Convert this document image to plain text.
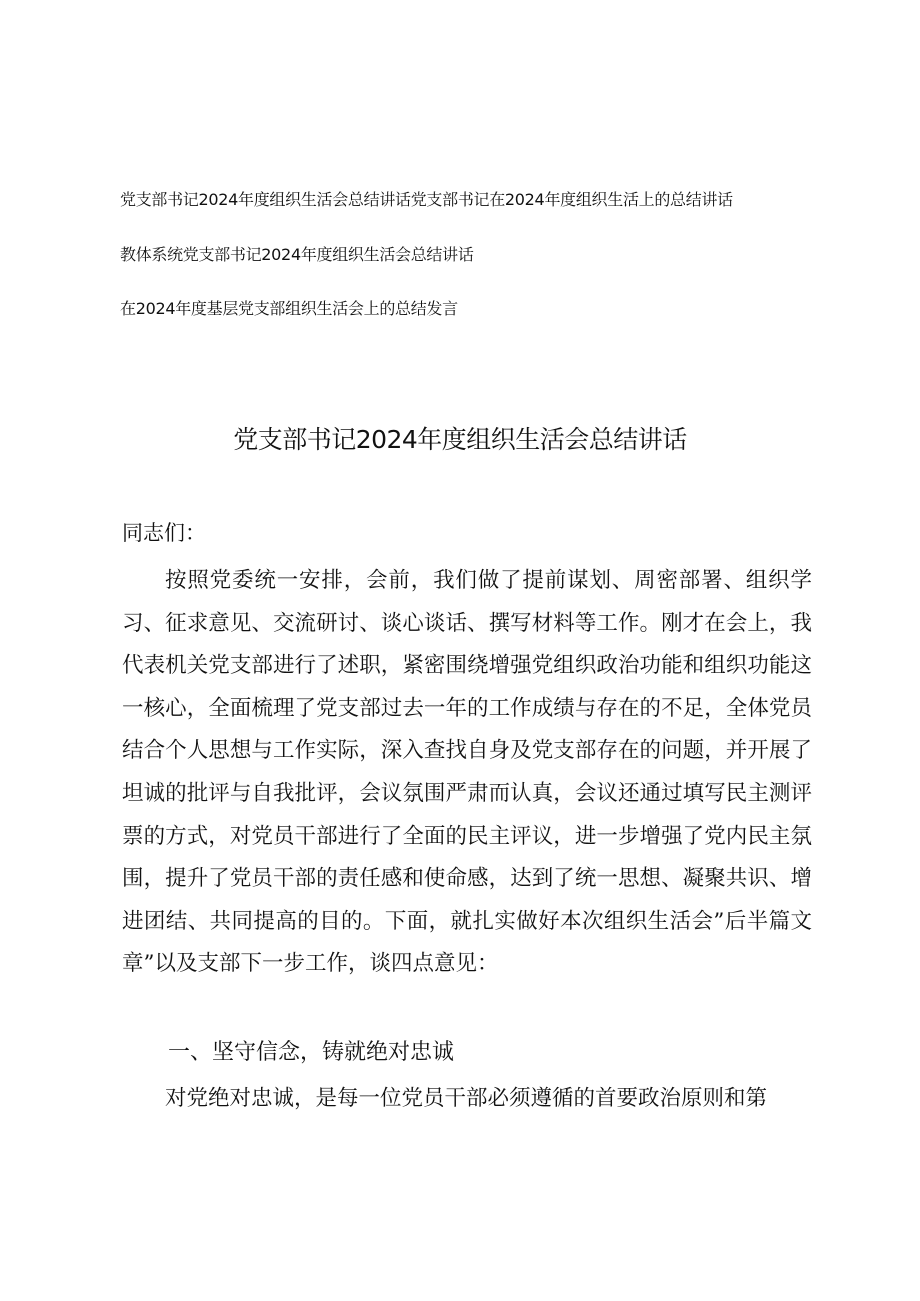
党支部书记2024年度组织生活会总结讲话党支部书记在2024年度组织生活上的总结讲话
教体系统党支部书记2024年度组织生活会总结讲话
在2024年度基层党支部组织生活会上的总结发言
党支部书记2024年度组织生活会总结讲话
同志们：

按照党委统一安排，会前，我们做了提前谋划、周密部署、组织学习、征求意见、交流研讨、谈心谈话、撰写材料等工作。刚才在会上，我代表机关党支部进行了述职，紧密围绕增强党组织政治功能和组织功能这一核心，全面梳理了党支部过去一年的工作成绩与存在的不足，全体党员结合个人思想与工作实际，深入查找自身及党支部存在的问题，并开展了坦诚的批评与自我批评，会议氛围严肃而认真，会议还通过填写民主测评票的方式，对党员干部进行了全面的民主评议，进一步增强了党内民主氛围，提升了党员干部的责任感和使命感，达到了统一思想、凝聚共识、增进团结、共同提高的目的。下面，就扎实做好本次组织生活会”后半篇文章”以及支部下一步工作，谈四点意见：

一、坚守信念，铸就绝对忠诚

对党绝对忠诚，是每一位党员干部必须遵循的首要政治原则和第
